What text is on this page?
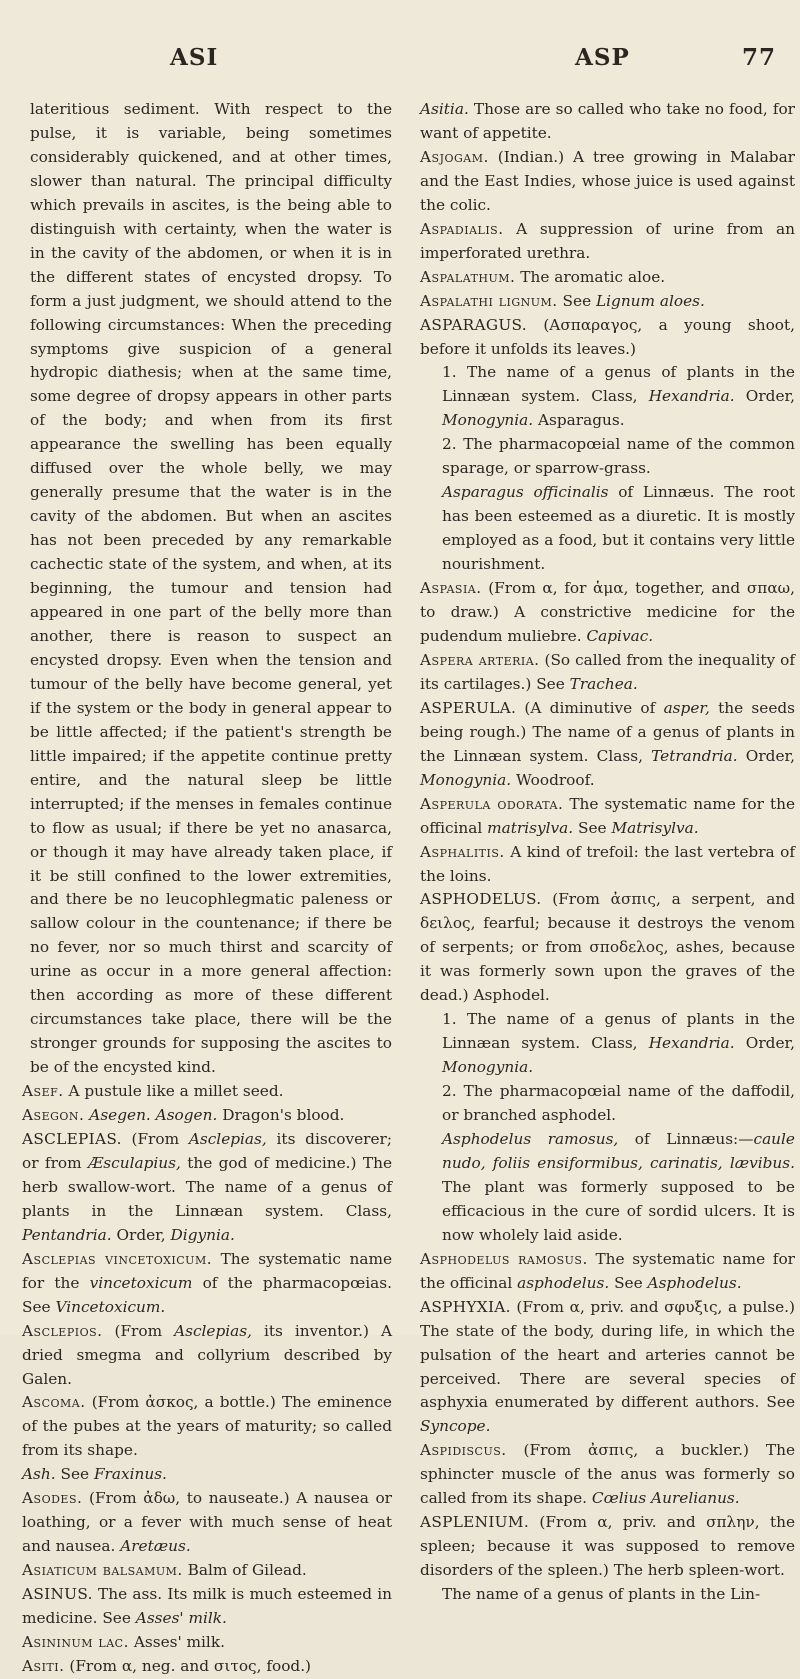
ASI	ASP	77

lateritious sediment. With respect to the pulse, it is variable, being sometimes considerably quickened, and at other times, slower than natural. The principal difficulty which prevails in ascites, is the being able to distinguish with certainty, when the water is in the cavity of the abdomen, or when it is in the different states of encysted dropsy. To form a just judgment, we should attend to the following circumstances: When the preceding symptoms give suspicion of a general hydropic diathesis; when at the same time, some degree of dropsy appears in other parts of the body; and when from its first appearance the swelling has been equally diffused over the whole belly, we may generally presume that the water is in the cavity of the abdomen. But when an ascites has not been preceded by any remarkable cachectic state of the system, and when, at its beginning, the tumour and tension had appeared in one part of the belly more than another, there is reason to suspect an encysted dropsy. Even when the tension and tumour of the belly have become general, yet if the system or the body in general appear to be little affected; if the patient's strength be little impaired; if the appetite continue pretty entire, and the natural sleep be little interrupted; if the menses in females continue to flow as usual; if there be yet no anasarca, or though it may have already taken place, if it be still confined to the lower extremities, and there be no leucophlegmatic paleness or sallow colour in the countenance; if there be no fever, nor so much thirst and scarcity of urine as occur in a more general affection: then according as more of these different circumstances take place, there will be the stronger grounds for supposing the ascites to be of the encysted kind.

Asef. A pustule like a millet seed.

Asegon. Asegen. Asogen. Dragon's blood.

ASCLEPIAS. (From Asclepias, its discoverer; or from Æsculapius, the god of medicine.) The herb swallow-wort. The name of a genus of plants in the Linnæan system. Class, Pentandria. Order, Digynia.

Asclepias vincetoxicum. The systematic name for the vincetoxicum of the pharmacopœias. See Vincetoxicum.

Asclepios. (From Asclepias, its inventor.) A dried smegma and collyrium described by Galen.

Ascoma. (From ἀσκος, a bottle.) The eminence of the pubes at the years of maturity; so called from its shape.

Ash. See Fraxinus.

Asodes. (From ἀδω, to nauseate.) A nausea or loathing, or a fever with much sense of heat and nausea. Aretæus.

Asiaticum balsamum. Balm of Gilead.

ASINUS. The ass. Its milk is much esteemed in medicine. See Asses' milk.

Asininum lac. Asses' milk.

Asiti. (From α, neg. and σιτος, food.)

Asitia. Those are so called who take no food, for want of appetite.

Asjogam. (Indian.) A tree growing in Malabar and the East Indies, whose juice is used against the colic.

Aspadialis. A suppression of urine from an imperforated urethra.

Aspalathum. The aromatic aloe.

Aspalathi lignum. See Lignum aloes.

ASPARAGUS. (Ασπαραγος, a young shoot, before it unfolds its leaves.)

1. The name of a genus of plants in the Linnæan system. Class, Hexandria. Order, Monogynia. Asparagus.

2. The pharmacopœial name of the common sparage, or sparrow-grass.

Asparagus officinalis of Linnæus. The root has been esteemed as a diuretic. It is mostly employed as a food, but it contains very little nourishment.

Aspasia. (From α, for ἁμα, together, and σπαω, to draw.) A constrictive medicine for the pudendum muliebre. Capivac.

Aspera arteria. (So called from the inequality of its cartilages.) See Trachea.

ASPERULA. (A diminutive of asper, the seeds being rough.) The name of a genus of plants in the Linnæan system. Class, Tetrandria. Order, Monogynia. Woodroof.

Asperula odorata. The systematic name for the officinal matrisylva. See Matrisylva.

Asphalitis. A kind of trefoil: the last vertebra of the loins.

ASPHODELUS. (From ἀσπις, a serpent, and δειλος, fearful; because it destroys the venom of serpents; or from σποδελος, ashes, because it was formerly sown upon the graves of the dead.) Asphodel.

1. The name of a genus of plants in the Linnæan system. Class, Hexandria. Order, Monogynia.

2. The pharmacopœial name of the daffodil, or branched asphodel.

Asphodelus ramosus, of Linnæus:—caule nudo, foliis ensiformibus, carinatis, lævibus. The plant was formerly supposed to be efficacious in the cure of sordid ulcers. It is now wholely laid aside.

Asphodelus ramosus. The systematic name for the officinal asphodelus. See Asphodelus.

ASPHYXIA. (From α, priv. and σφυξις, a pulse.) The state of the body, during life, in which the pulsation of the heart and arteries cannot be perceived. There are several species of asphyxia enumerated by different authors. See Syncope.

Aspidiscus. (From ἀσπις, a buckler.) The sphincter muscle of the anus was formerly so called from its shape. Cœlius Aurelianus.

ASPLENIUM. (From α, priv. and σπλην, the spleen; because it was supposed to remove disorders of the spleen.) The herb spleen-wort.

The name of a genus of plants in the Lin-
